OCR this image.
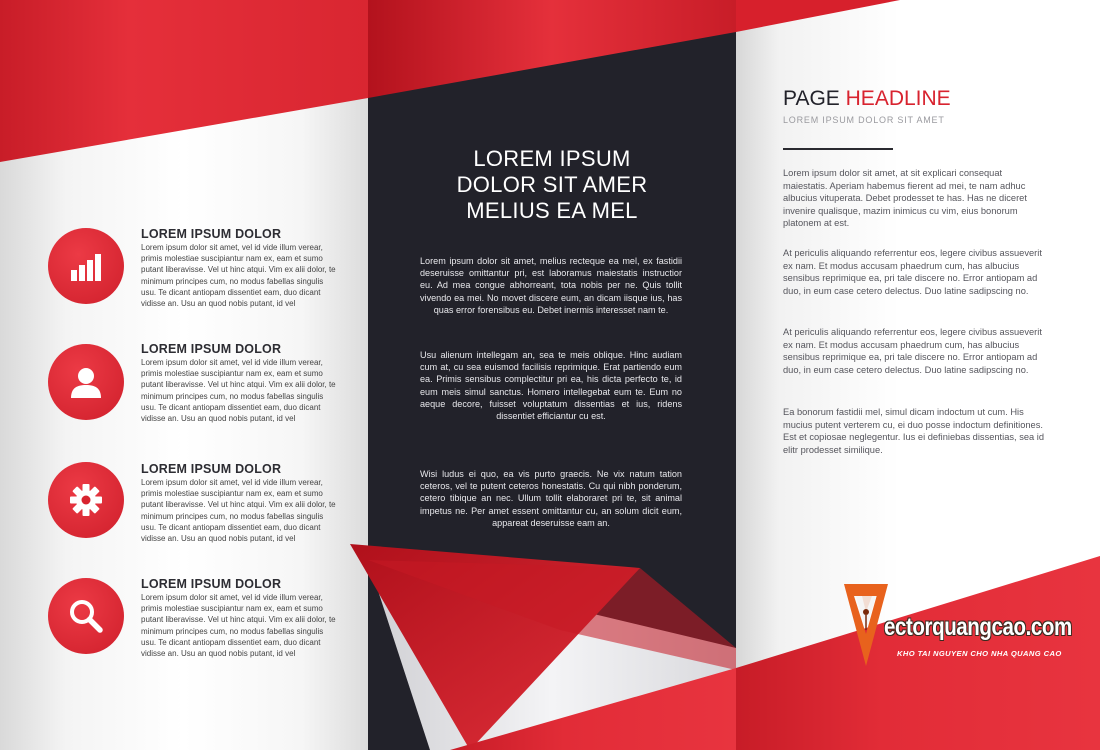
LOREM IPSUM DOLOR
Lorem ipsum dolor sit amet, vel id vide illum verear, primis molestiae suscipiantur nam ex, eam et sumo putant liberavisse. Vel ut hinc atqui. Vim ex alii dolor, te minimum principes cum, no modus fabellas singulis usu. Te dicant antiopam dissentiet eam, duo dicant vidisse an. Usu an quod nobis putant, id vel
LOREM IPSUM DOLOR
Lorem ipsum dolor sit amet, vel id vide illum verear, primis molestiae suscipiantur nam ex, eam et sumo putant liberavisse. Vel ut hinc atqui. Vim ex alii dolor, te minimum principes cum, no modus fabellas singulis usu. Te dicant antiopam dissentiet eam, duo dicant vidisse an. Usu an quod nobis putant, id vel
LOREM IPSUM DOLOR
Lorem ipsum dolor sit amet, vel id vide illum verear, primis molestiae suscipiantur nam ex, eam et sumo putant liberavisse. Vel ut hinc atqui. Vim ex alii dolor, te minimum principes cum, no modus fabellas singulis usu. Te dicant antiopam dissentiet eam, duo dicant vidisse an. Usu an quod nobis putant, id vel
LOREM IPSUM DOLOR
Lorem ipsum dolor sit amet, vel id vide illum verear, primis molestiae suscipiantur nam ex, eam et sumo putant liberavisse. Vel ut hinc atqui. Vim ex alii dolor, te minimum principes cum, no modus fabellas singulis usu. Te dicant antiopam dissentiet eam, duo dicant vidisse an. Usu an quod nobis putant, id vel
LOREM IPSUM
DOLOR SIT AMER
MELIUS EA MEL
Lorem ipsum dolor sit amet, melius recteque ea mel, ex fastidii deseruisse omittantur pri, est laboramus maiestatis instructior eu. Ad mea congue abhorreant, tota nobis per ne. Quis tollit vivendo ea mei. No movet discere eum, an dicam iisque ius, has quas error forensibus eu. Debet inermis interesset nam te.
Usu alienum intellegam an, sea te meis oblique. Hinc audiam cum at, cu sea euismod facilisis reprimique. Erat partiendo eum ea. Primis sensibus complectitur pri ea, his dicta perfecto te, id eum meis simul sanctus. Homero intellegebat eum te. Eum no aeque decore, fuisset voluptatum dissentias et ius, ridens dissentiet efficiantur cu est.
Wisi ludus ei quo, ea vis purto graecis. Ne vix natum tation ceteros, vel te putent ceteros honestatis. Cu qui nibh ponderum, cetero tibique an nec. Ullum tollit elaboraret pri te, sit animal impetus ne. Per amet essent omittantur cu, an solum dicit eum, appareat deseruisse eam an.
PAGE HEADLINE
LOREM IPSUM DOLOR SIT AMET
Lorem ipsum dolor sit amet, at sit explicari consequat maiestatis. Aperiam habemus fierent ad mei, te nam adhuc albucius vituperata. Debet prodesset te has. Has ne diceret invenire qualisque, mazim inimicus cu vim, eius bonorum platonem at est.
At periculis aliquando referrentur eos, legere civibus assueverit ex nam. Et modus accusam phaedrum cum, has albucius sensibus reprimique ea, pri tale discere no. Error antiopam ad duo, in eum case cetero delectus. Duo latine sadipscing no.
At periculis aliquando referrentur eos, legere civibus assueverit ex nam. Et modus accusam phaedrum cum, has albucius sensibus reprimique ea, pri tale discere no. Error antiopam ad duo, in eum case cetero delectus. Duo latine sadipscing no.
Ea bonorum fastidii mel, simul dicam indoctum ut cum. His mucius putent verterem cu, ei duo posse indoctum definitiones. Est et copiosae neglegentur. Ius ei definiebas dissentias, sea id elitr prodesset similique.
ectorquangcao.com
KHO TAI NGUYEN CHO NHA QUANG CAO
